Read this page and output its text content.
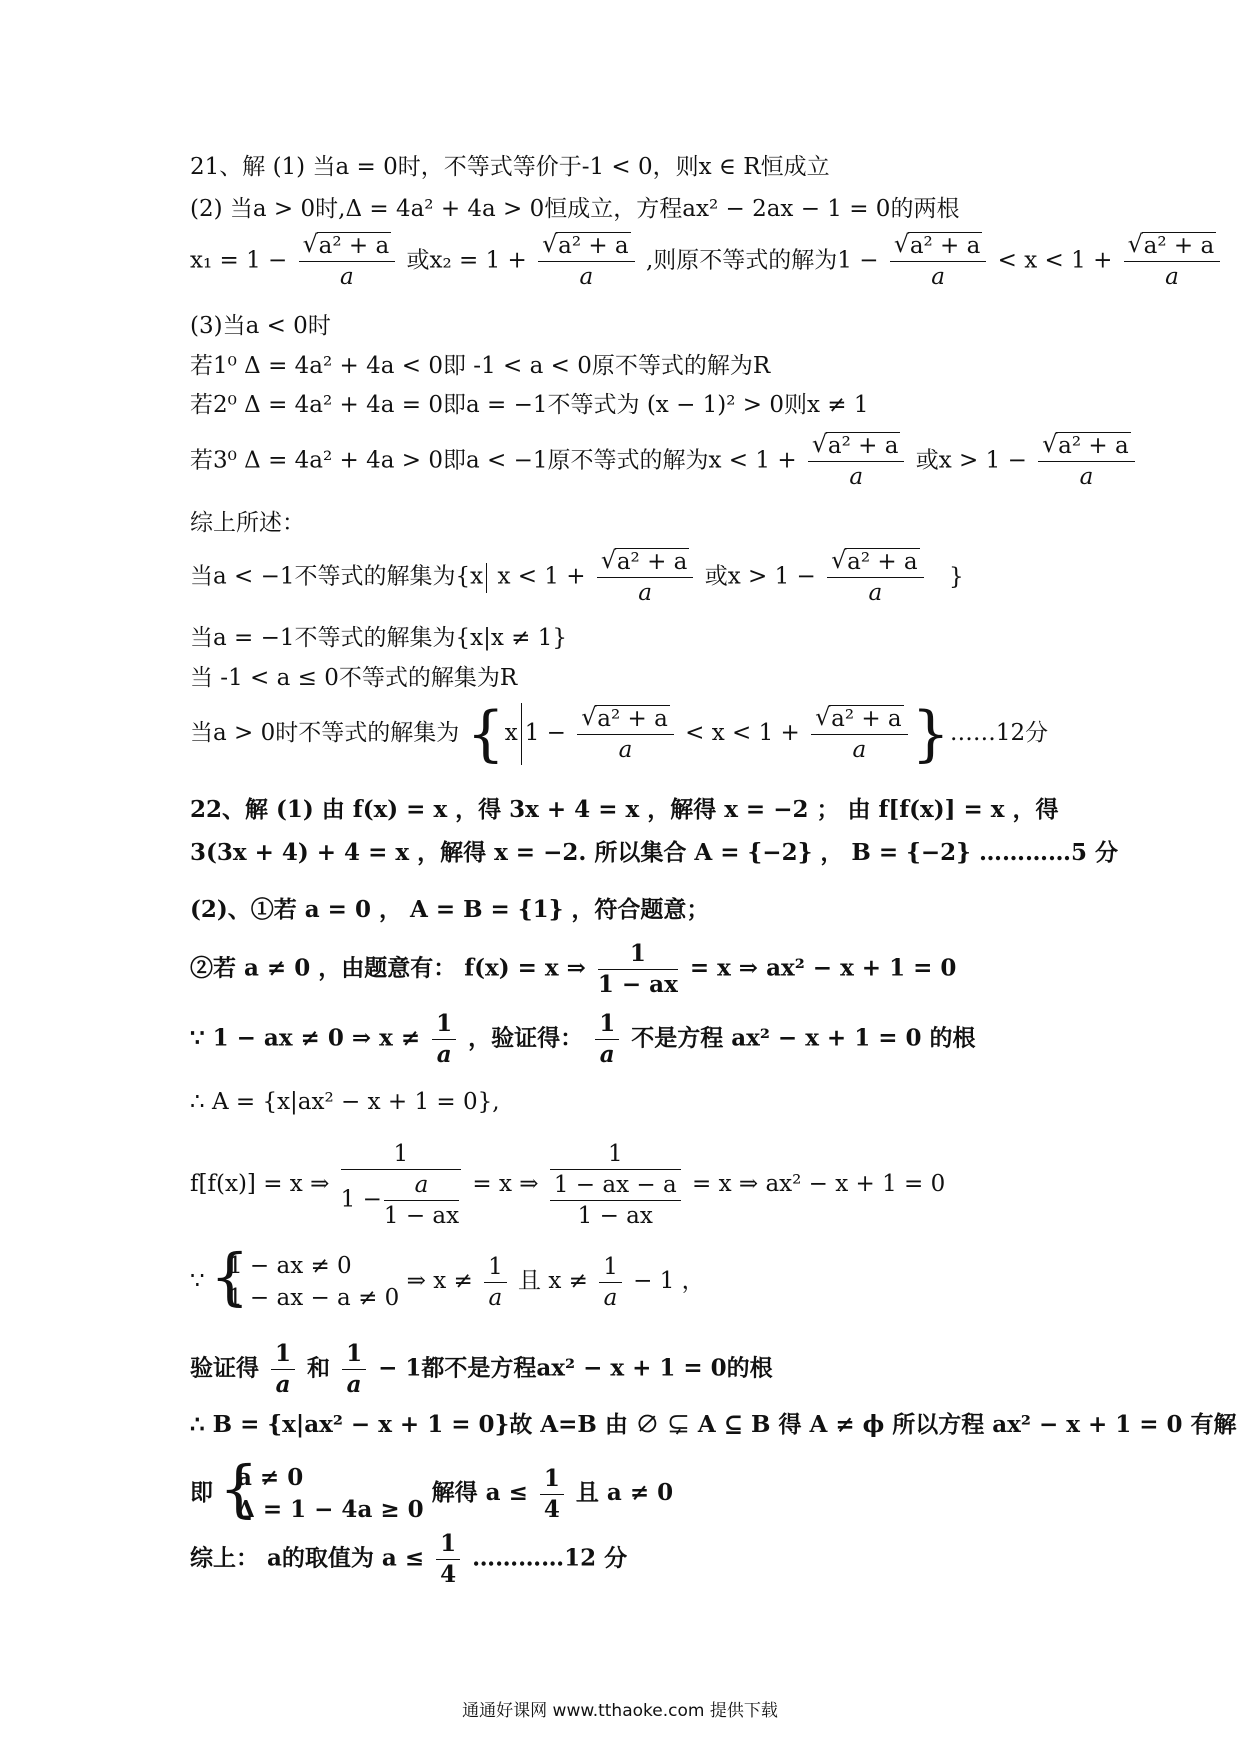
21、解 (1) 当a = 0时，不等式等价于-1 < 0，则x ∈ R恒成立
(2) 当a > 0时,Δ = 4a² + 4a > 0恒成立，方程ax² − 2ax − 1 = 0的两根
x₁ = 1 − √ $\frac{\text{a² + a}}{a}$ 或x₂ = 1 + √ $\frac{\text{a² + a}}{a}$ ,则原不等式的解为1 − √ $\frac{\text{a² + a}}{a} < x < 1$ + √ $\frac{\text{a² + a}}{a}$
(3)当a < 0时
若1⁰ Δ = 4a² + 4a < 0即 -1 < a < 0原不等式的解为R
若2⁰ Δ = 4a² + 4a = 0即a = −1不等式为 (x − 1)² > 0则x ≠ 1
若3⁰ Δ = 4a² + 4a > 0即a < −1原不等式的解为x < 1 + √ $\frac{\text{a² + a}}{a}$ 或x > 1 − √ $\frac{\text{a² + a}}{a}$
综上所述：
当a < −1不等式的解集为{x x < 1 + √ $\frac{\text{a² + a}}{a}$ 或x > 1 − √ $\frac{\text{a² + a}}{a}$ }
当a = −1不等式的解集为{x|x ≠ 1}
当 -1 < a ≤ 0不等式的解集为R
当a > 0时不等式的解集为 {x 1 − √ $\frac{\text{a² + a}}{a} < x < 1$ + √ $\frac{\text{a² + a}}{a}$ }……12分
22、解 (1) 由 f(x) = x ，得 3x + 4 = x ，解得 x = −2 ； 由 f[f(x)] = x ，得
3(3x + 4) + 4 = x ，解得 x = −2. 所以集合 A = {−2} ， B = {−2} …………5 分
(2)、①若 a = 0 ， A = B = {1} ，符合题意；
②若 a ≠ 0 ，由题意有： f(x) = x ⇒ $\frac{1}{1 - ax} = x$ ⇒ ax² − x + 1 = 0
∵ 1 − ax ≠ 0 ⇒ $x \ne \frac{1}{a}$ ，验证得： $\frac{1}{a}$ 不是方程 ax² − x + 1 = 0 的根
∴ A = {x|ax² − x + 1 = 0},
f[f(x)] = x ⇒ $\frac{1}{1 - \frac{a}{1 - ax}} = x$ ⇒ $\frac{1}{\frac{1 - ax - a}{1 - ax}} = x$ ⇒ ax² − x + 1 = 0
∵
{ 1 − ax ≠ 0
1 − ax − a ≠ 0
⇒ $x \ne \frac{1}{a}$ 且 $x \ne \frac{1}{a} - 1$ ，
验证得 $\frac{1}{a}$ 和 $\frac{1}{a} - 1$都不是方程ax² − x + 1 = 0的根
∴ B = {x|ax² − x + 1 = 0}故 A=B 由 ∅ ⊊ A ⊆ B 得 A ≠ ϕ 所以方程 ax² − x + 1 = 0 有解
即
{ a ≠ 0
Δ = 1 − 4a ≥ 0
解得 $a \le \frac{1}{4}$ 且 a ≠ 0
综上： a的取值为 $a \le \frac{1}{4}$ …………12 分
通通好课网 www.tthaoke.com 提供下载
